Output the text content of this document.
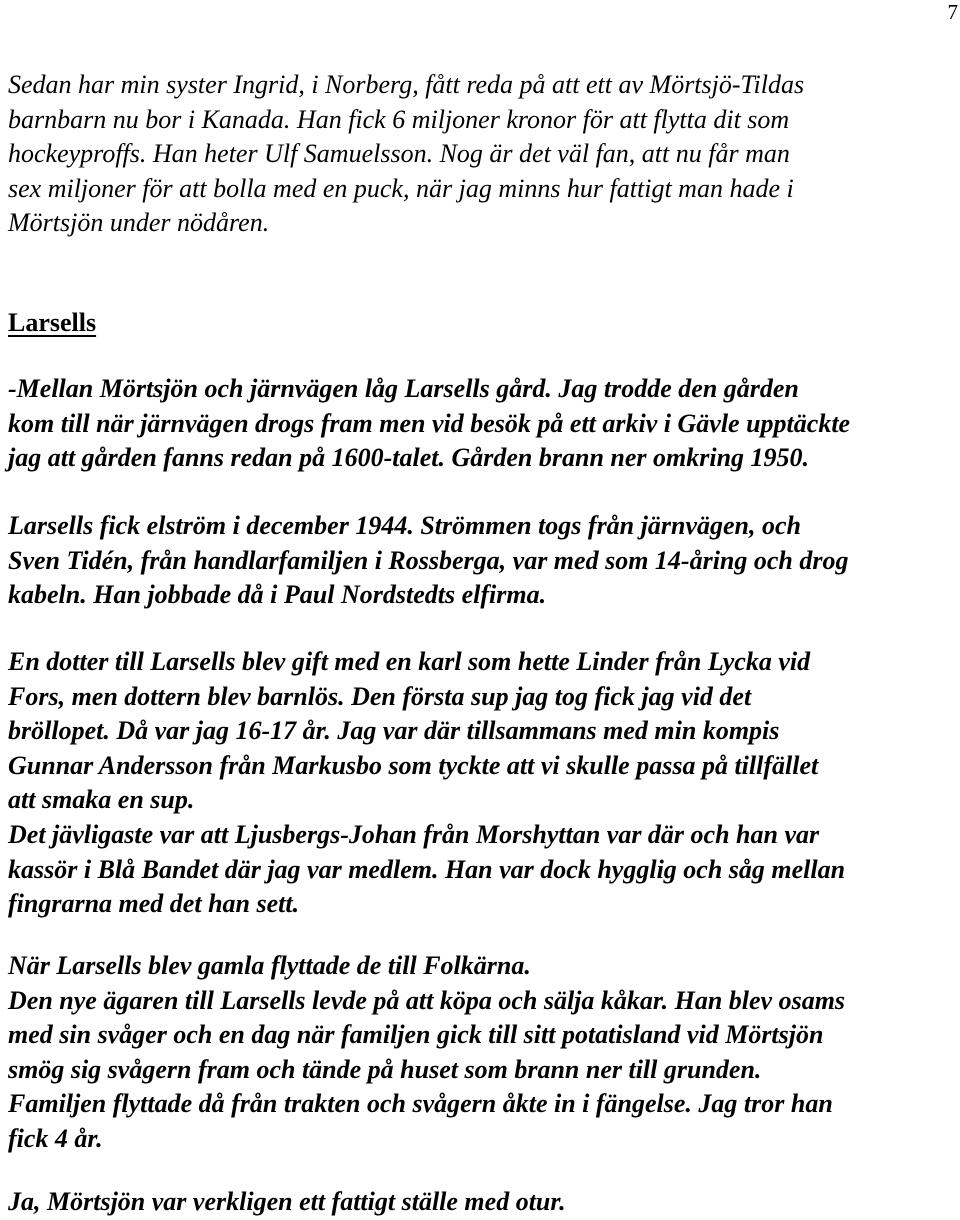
7

Sedan har min syster Ingrid, i Norberg, fått reda på att ett av Mörtsjö-Tildas
barnbarn nu bor i Kanada. Han fick 6 miljoner kronor för att flytta dit som
hockeyproffs. Han heter Ulf Samuelsson. Nog är det väl fan, att nu får man
sex miljoner för att bolla med en puck, när jag minns hur fattigt man hade i
Mörtsjön under nödåren.

Larsells

-Mellan Mörtsjön och järnvägen låg Larsells gård. Jag trodde den gården
kom till när järnvägen drogs fram men vid besök på ett arkiv i Gävle upptäckte
jag att gården fanns redan på 1600-talet. Gården brann ner omkring 1950.

Larsells fick elström i december 1944. Strömmen togs från järnvägen, och
Sven Tidén, från handlarfamiljen i Rossberga, var med som 14-åring och drog
kabeln. Han jobbade då i Paul Nordstedts elfirma.

En dotter till Larsells blev gift med en karl som hette Linder från Lycka vid
Fors, men dottern blev barnlös. Den första sup jag tog fick jag vid det
bröllopet. Då var jag 16-17 år. Jag var där tillsammans med min kompis
Gunnar Andersson från Markusbo som tyckte att vi skulle passa på tillfället
att smaka en sup.
Det jävligaste var att Ljusbergs-Johan från Morshyttan var där och han var
kassör i Blå Bandet där jag var medlem. Han var dock hygglig och såg mellan
fingrarna med det han sett.

När Larsells blev gamla flyttade de till Folkärna.
Den nye ägaren till Larsells levde på att köpa och sälja kåkar. Han blev osams
med sin svåger och en dag när familjen gick till sitt potatisland vid Mörtsjön
smög sig svågern fram och tände på huset som brann ner till grunden.
Familjen flyttade då från trakten och svågern åkte in i fängelse. Jag tror han
fick 4 år.

Ja, Mörtsjön var verkligen ett fattigt ställe med otur.
